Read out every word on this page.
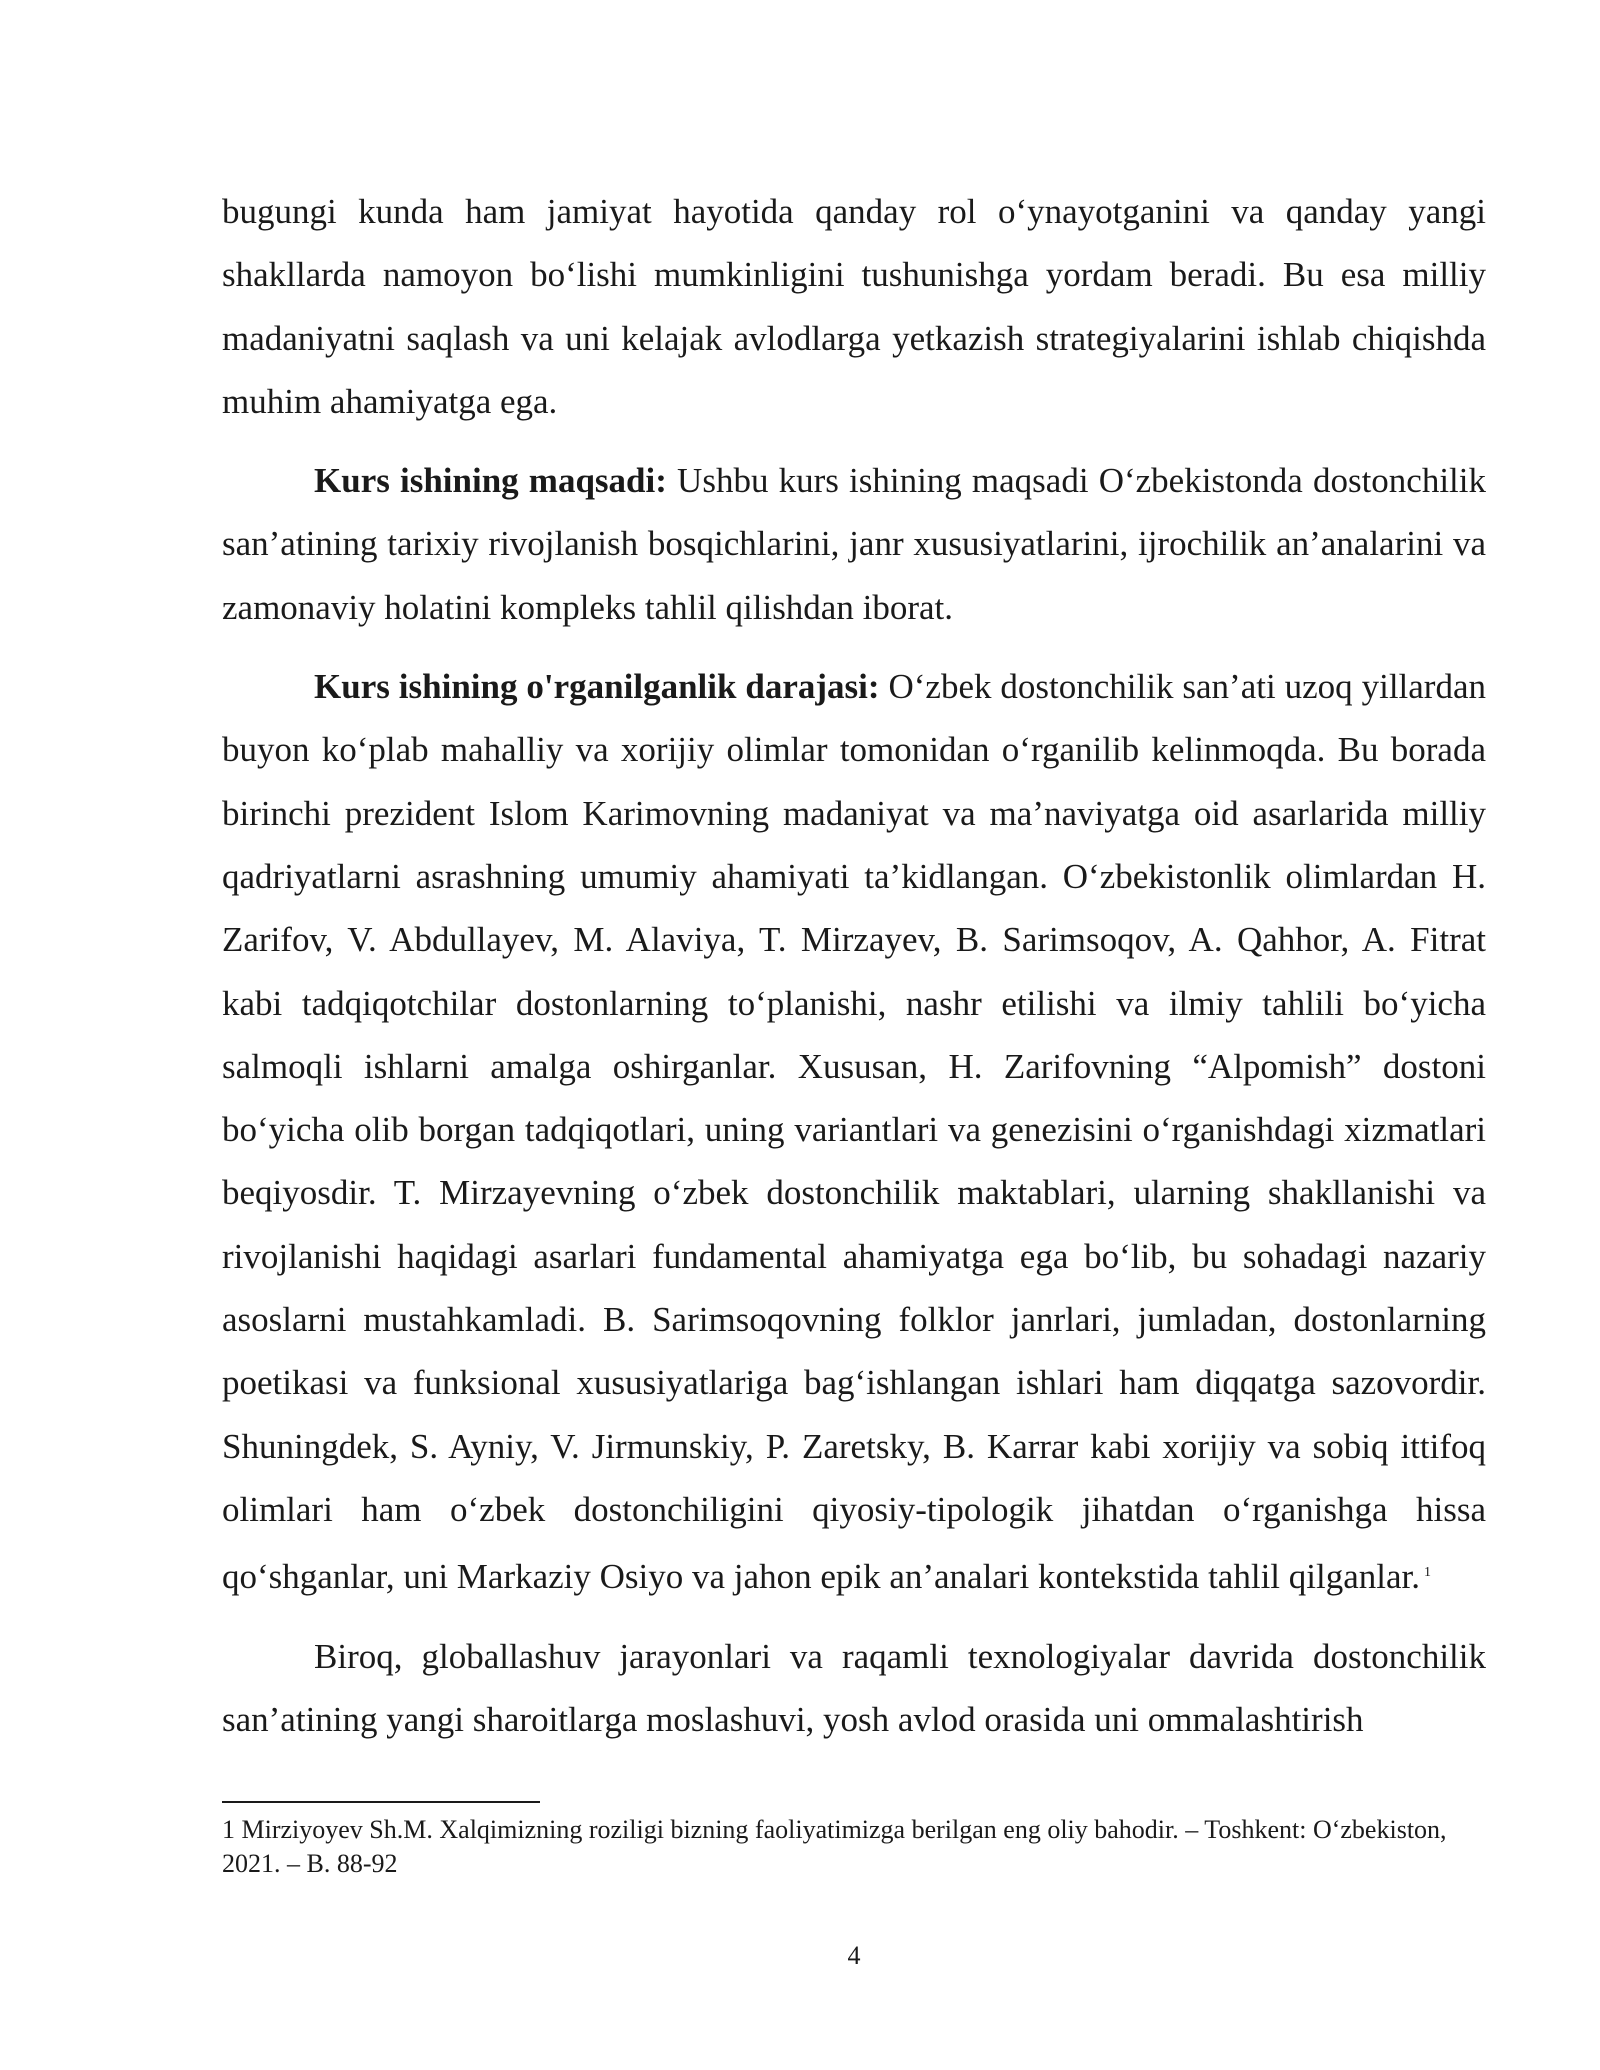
bugungi kunda ham jamiyat hayotida qanday rol o‘ynayotganini va qanday yangi shakllarda namoyon bo‘lishi mumkinligini tushunishga yordam beradi. Bu esa milliy madaniyatni saqlash va uni kelajak avlodlarga yetkazish strategiyalarini ishlab chiqishda muhim ahamiyatga ega.

Kurs ishining maqsadi: Ushbu kurs ishining maqsadi O‘zbekistonda dostonchilik san’atining tarixiy rivojlanish bosqichlarini, janr xususiyatlarini, ijrochilik an’analarini va zamonaviy holatini kompleks tahlil qilishdan iborat.

Kurs ishining o'rganilganlik darajasi: O‘zbek dostonchilik san’ati uzoq yillardan buyon ko‘plab mahalliy va xorijiy olimlar tomonidan o‘rganilib kelinmoqda. Bu borada birinchi prezident Islom Karimovning madaniyat va ma’naviyatga oid asarlarida milliy qadriyatlarni asrashning umumiy ahamiyati ta’kidlangan. O‘zbekistonlik olimlardan H. Zarifov, V. Abdullayev, M. Alaviya, T. Mirzayev, B. Sarimsoqov, A. Qahhor, A. Fitrat kabi tadqiqotchilar dostonlarning to‘planishi, nashr etilishi va ilmiy tahlili bo‘yicha salmoqli ishlarni amalga oshirganlar. Xususan, H. Zarifovning “Alpomish” dostoni bo‘yicha olib borgan tadqiqotlari, uning variantlari va genezisini o‘rganishdagi xizmatlari beqiyosdir. T. Mirzayevning o‘zbek dostonchilik maktablari, ularning shakllanishi va rivojlanishi haqidagi asarlari fundamental ahamiyatga ega bo‘lib, bu sohadagi nazariy asoslarni mustahkamladi. B. Sarimsoqovning folklor janrlari, jumladan, dostonlarning poetikasi va funksional xususiyatlariga bag‘ishlangan ishlari ham diqqatga sazovordir. Shuningdek, S. Ayniy, V. Jirmunskiy, P. Zaretsky, B. Karrar kabi xorijiy va sobiq ittifoq olimlari ham o‘zbek dostonchiligini qiyosiy-tipologik jihatdan o‘rganishga hissa qo‘shganlar, uni Markaziy Osiyo va jahon epik an’analari kontekstida tahlil qilganlar. $^1$

Biroq, globallashuv jarayonlari va raqamli texnologiyalar davrida dostonchilik san’atining yangi sharoitlarga moslashuvi, yosh avlod orasida uni ommalashtirish

1 Mirziyoyev Sh.M. Xalqimizning roziligi bizning faoliyatimizga berilgan eng oliy bahodir. – Toshkent: O‘zbekiston, 2021. – B. 88-92

4
